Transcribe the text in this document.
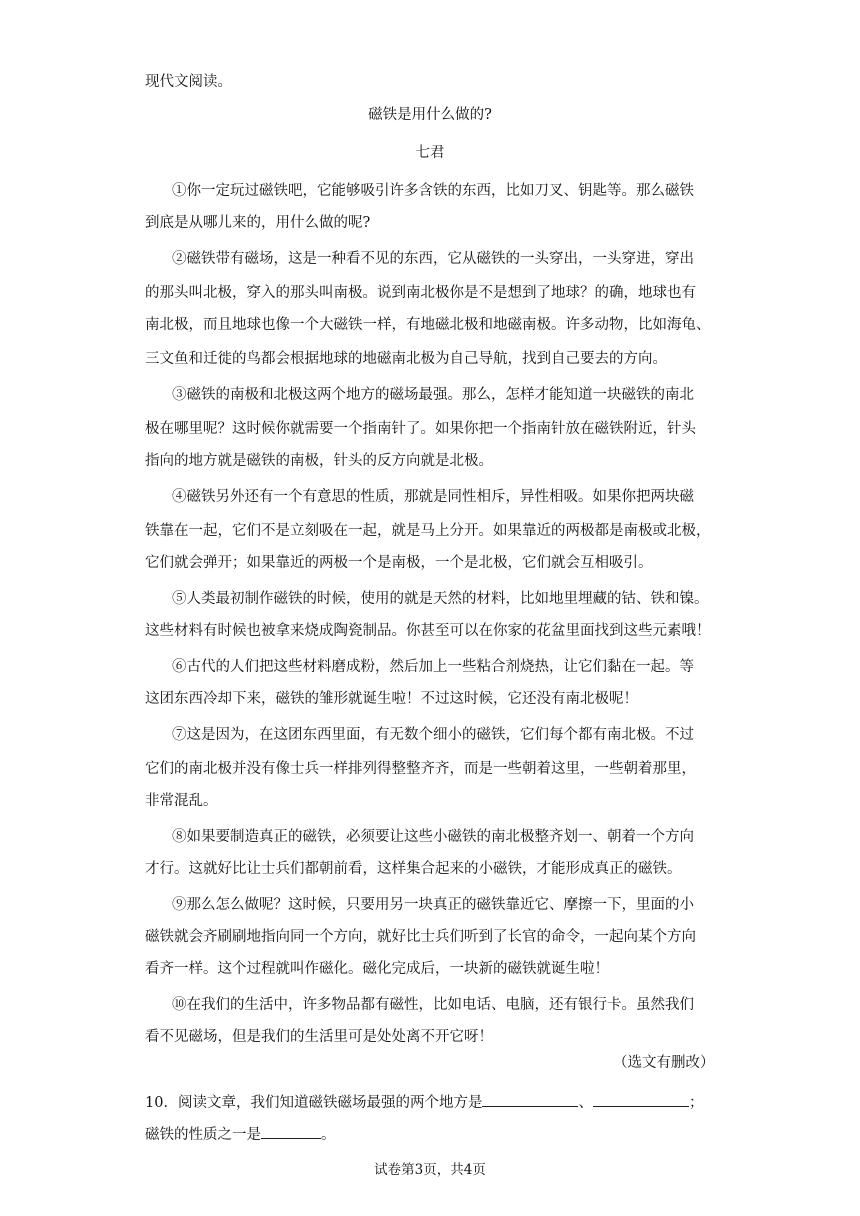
现代文阅读。
磁铁是用什么做的?
七君
①你一定玩过磁铁吧，它能够吸引许多含铁的东西，比如刀叉、钥匙等。那么磁铁
到底是从哪儿来的，用什么做的呢?
②磁铁带有磁场，这是一种看不见的东西，它从磁铁的一头穿出，一头穿进，穿出
的那头叫北极，穿入的那头叫南极。说到南北极你是不是想到了地球？的确，地球也有
南北极，而且地球也像一个大磁铁一样，有地磁北极和地磁南极。许多动物，比如海龟、
三文鱼和迁徙的鸟都会根据地球的地磁南北极为自己导航，找到自己要去的方向。
③磁铁的南极和北极这两个地方的磁场最强。那么，怎样才能知道一块磁铁的南北
极在哪里呢？这时候你就需要一个指南针了。如果你把一个指南针放在磁铁附近，针头
指向的地方就是磁铁的南极，针头的反方向就是北极。
④磁铁另外还有一个有意思的性质，那就是同性相斥，异性相吸。如果你把两块磁
铁靠在一起，它们不是立刻吸在一起，就是马上分开。如果靠近的两极都是南极或北极，
它们就会弹开；如果靠近的两极一个是南极，一个是北极，它们就会互相吸引。
⑤人类最初制作磁铁的时候，使用的就是天然的材料，比如地里埋藏的钴、铁和镍。
这些材料有时候也被拿来烧成陶瓷制品。你甚至可以在你家的花盆里面找到这些元素哦！
⑥古代的人们把这些材料磨成粉，然后加上一些粘合剂烧热，让它们黏在一起。等
这团东西冷却下来，磁铁的雏形就诞生啦！不过这时候，它还没有南北极呢！
⑦这是因为，在这团东西里面，有无数个细小的磁铁，它们每个都有南北极。不过
它们的南北极并没有像士兵一样排列得整整齐齐，而是一些朝着这里，一些朝着那里，
非常混乱。
⑧如果要制造真正的磁铁，必须要让这些小磁铁的南北极整齐划一、朝着一个方向
才行。这就好比让士兵们都朝前看，这样集合起来的小磁铁，才能形成真正的磁铁。
⑨那么怎么做呢？这时候，只要用另一块真正的磁铁靠近它、摩擦一下，里面的小
磁铁就会齐刷刷地指向同一个方向，就好比士兵们听到了长官的命令，一起向某个方向
看齐一样。这个过程就叫作磁化。磁化完成后，一块新的磁铁就诞生啦！
⑩在我们的生活中，许多物品都有磁性，比如电话、电脑，还有银行卡。虽然我们
看不见磁场，但是我们的生活里可是处处离不开它呀！
（选文有删改）
10．阅读文章，我们知道磁铁磁场最强的两个地方是	、	；
磁铁的性质之一是	。
试卷第3页，共4页
